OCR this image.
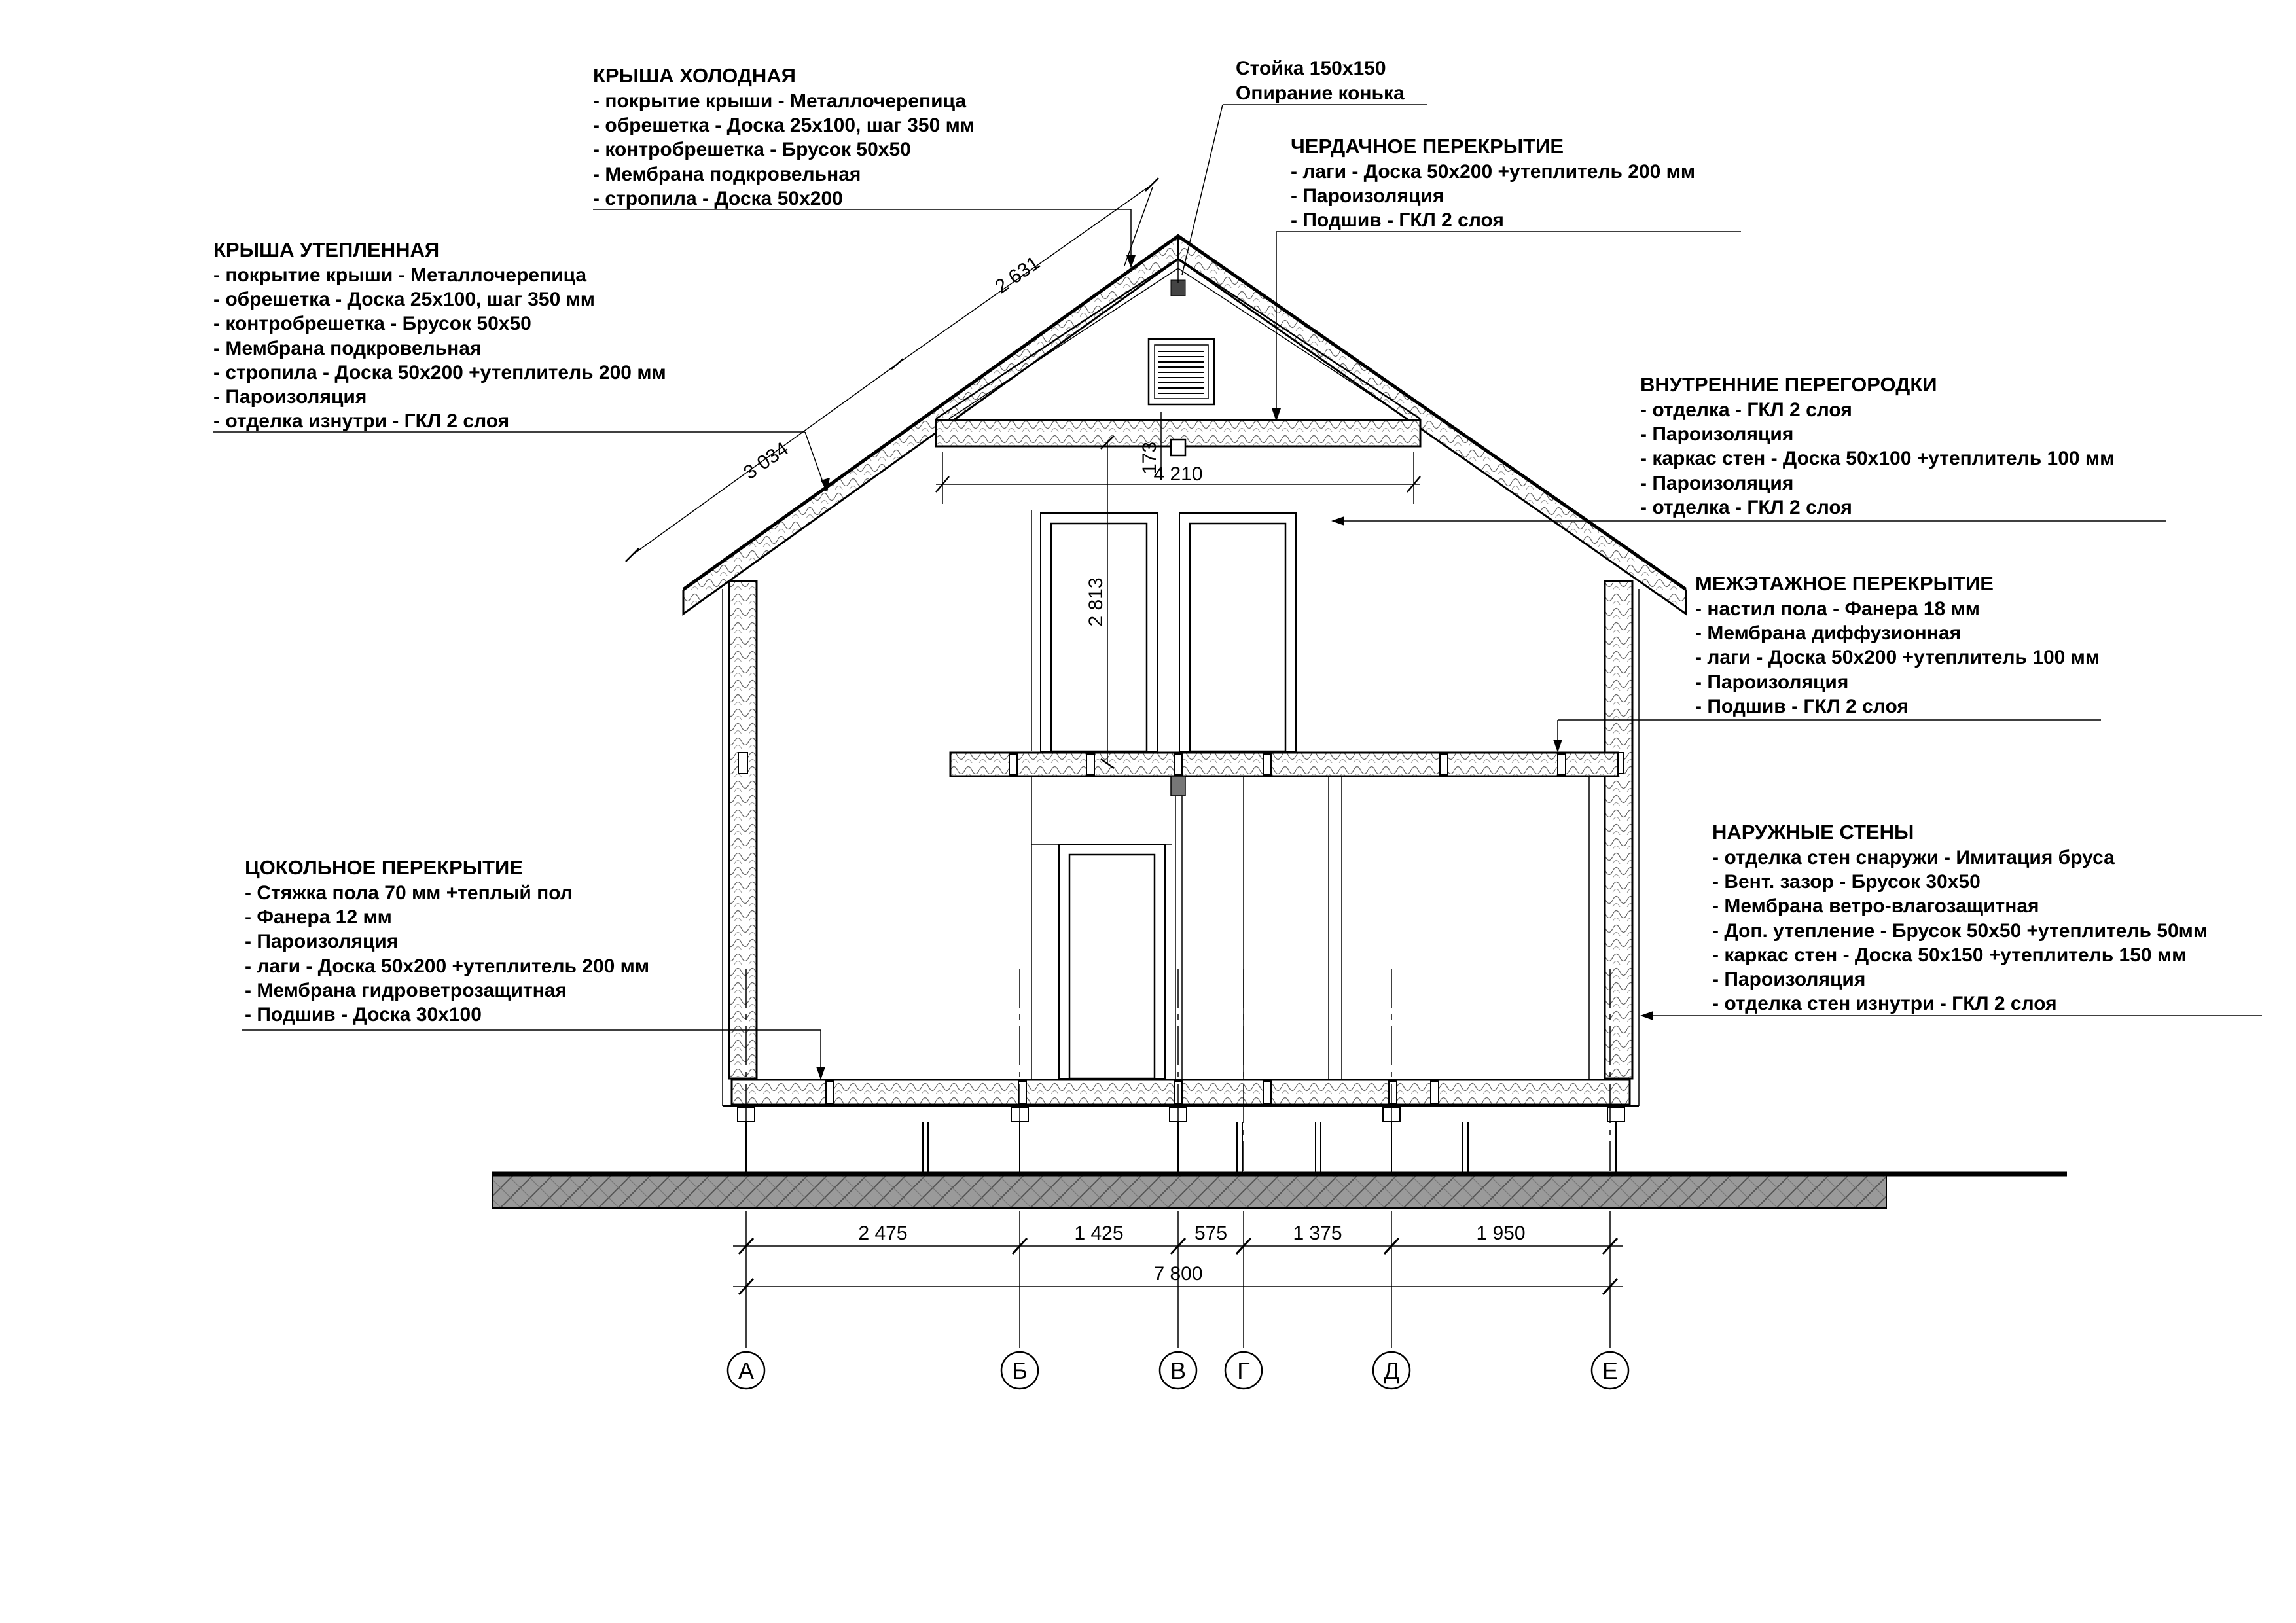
А	Б	В Г	Д	Е
2 631
3 034	4 210
173
2 813
2 475	1 425	575	1 375	1 950
7 800
КРЫША ХОЛОДНАЯ
- покрытие крыши - Металлочерепица
- обрешетка - Доска 25х100, шаг 350 мм
- контробрешетка - Брусок 50х50
- Мембрана подкровельная
- стропила - Доска 50х200
Стойка 150х150
Опирание конька
ЧЕРДАЧНОЕ ПЕРЕКРЫТИЕ
- лаги - Доска 50х200 +утеплитель 200 мм
- Пароизоляция
- Подшив - ГКЛ 2 слоя
КРЫША УТЕПЛЕННАЯ
- покрытие крыши - Металлочерепица
- обрешетка - Доска 25х100, шаг 350 мм
- контробрешетка - Брусок 50х50
- Мембрана подкровельная
- стропила - Доска 50х200 +утеплитель 200 мм
- Пароизоляция
- отделка изнутри - ГКЛ 2 слоя
ВНУТРЕННИЕ ПЕРЕГОРОДКИ
- отделка - ГКЛ 2 слоя
- Пароизоляция
- каркас стен - Доска 50х100 +утеплитель 100 мм
- Пароизоляция
- отделка - ГКЛ 2 слоя
МЕЖЭТАЖНОЕ ПЕРЕКРЫТИЕ
- настил пола - Фанера 18 мм
- Мембрана диффузионная
- лаги - Доска 50х200 +утеплитель 100 мм
- Пароизоляция
- Подшив - ГКЛ 2 слоя
ЦОКОЛЬНОЕ ПЕРЕКРЫТИЕ
- Стяжка пола 70 мм +теплый пол
- Фанера 12 мм
- Пароизоляция
- лаги - Доска 50х200 +утеплитель 200 мм
- Мембрана гидроветрозащитная
- Подшив - Доска 30х100
НАРУЖНЫЕ СТЕНЫ
- отделка стен снаружи - Имитация бруса
- Вент. зазор - Брусок 30х50
- Мембрана ветро-влагозащитная
- Доп. утепление - Брусок 50х50 +утеплитель 50мм
- каркас стен - Доска 50х150 +утеплитель 150 мм
- Пароизоляция
- отделка стен изнутри - ГКЛ 2 слоя
